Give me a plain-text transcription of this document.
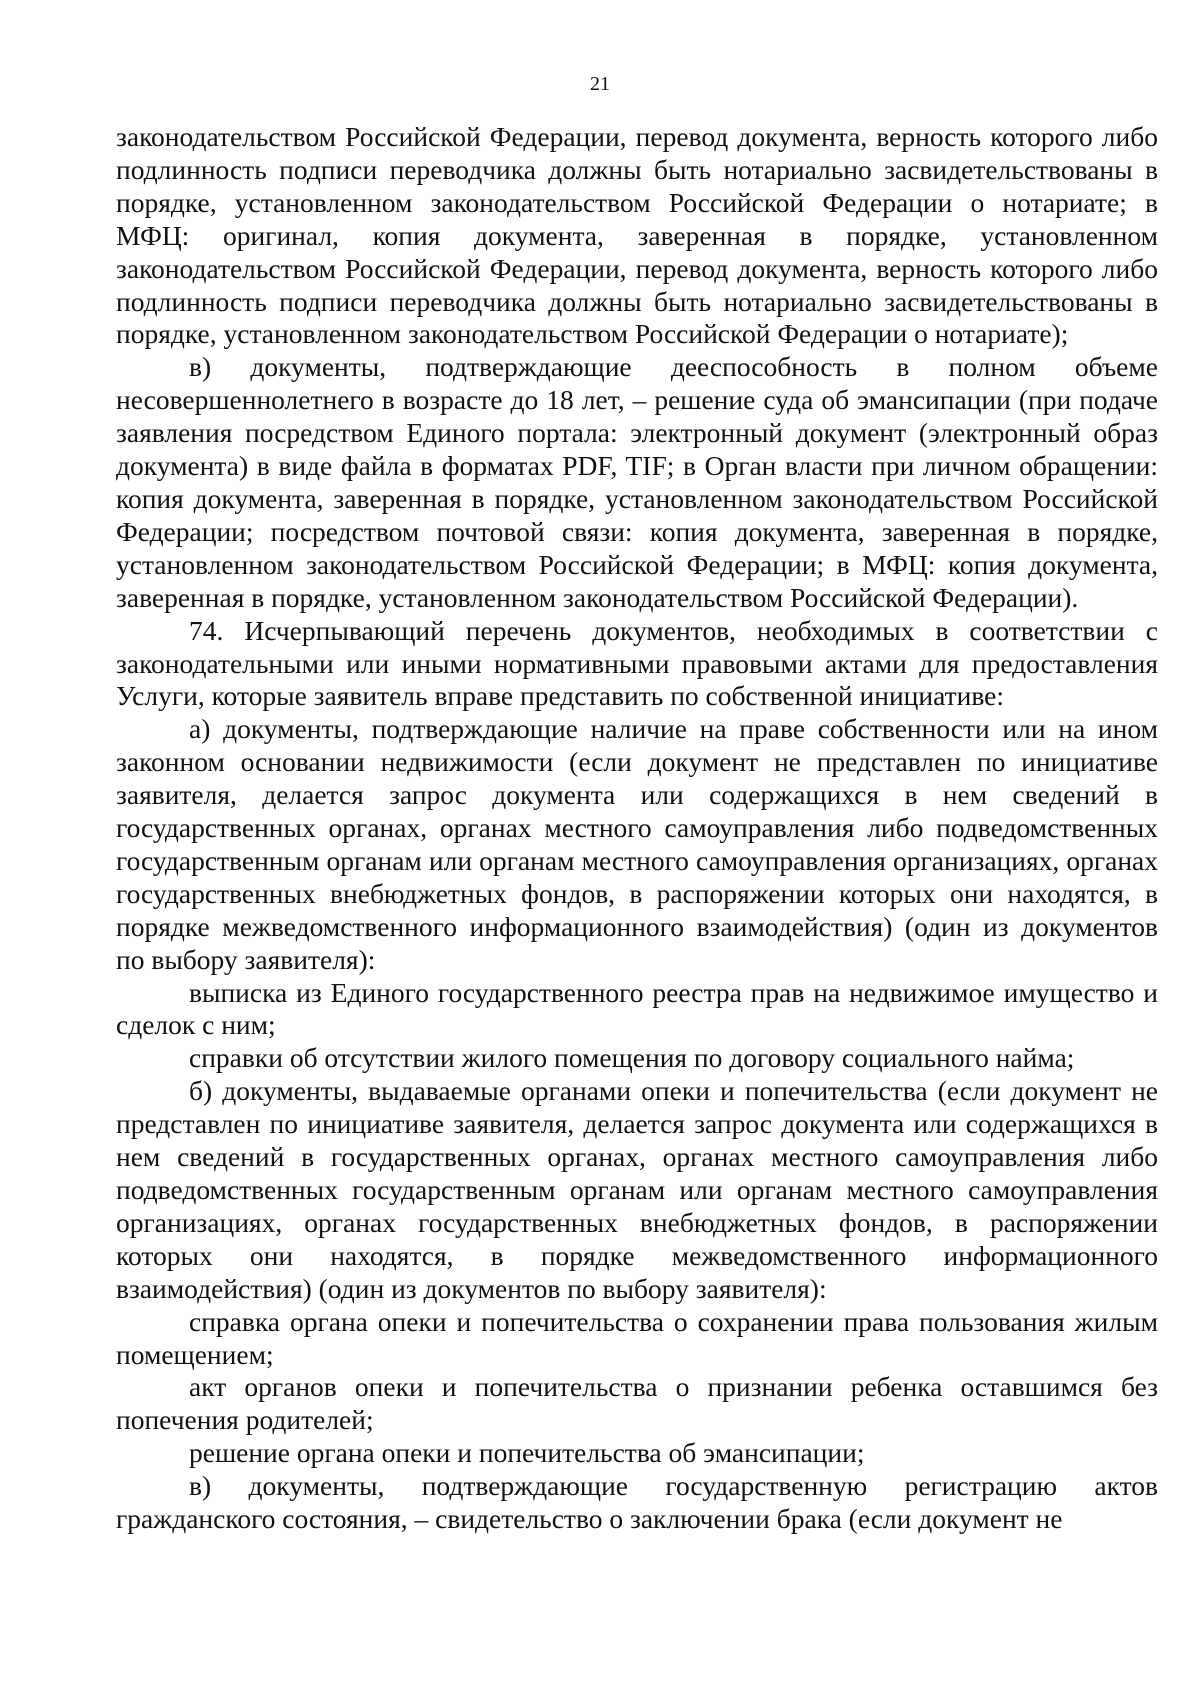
21

законодательством Российской Федерации, перевод документа, верность которого либо подлинность подписи переводчика должны быть нотариально засвидетельствованы в порядке, установленном законодательством Российской Федерации о нотариате; в МФЦ: оригинал, копия документа, заверенная в порядке, установленном законодательством Российской Федерации, перевод документа, верность которого либо подлинность подписи переводчика должны быть нотариально засвидетельствованы в порядке, установленном законодательством Российской Федерации о нотариате);

в) документы, подтверждающие дееспособность в полном объеме несовершеннолетнего в возрасте до 18 лет, – решение суда об эмансипации (при подаче заявления посредством Единого портала: электронный документ (электронный образ документа) в виде файла в форматах PDF, TIF; в Орган власти при личном обращении: копия документа, заверенная в порядке, установленном законодательством Российской Федерации; посредством почтовой связи: копия документа, заверенная в порядке, установленном законодательством Российской Федерации; в МФЦ: копия документа, заверенная в порядке, установленном законодательством Российской Федерации).

74. Исчерпывающий перечень документов, необходимых в соответствии с законодательными или иными нормативными правовыми актами для предоставления Услуги, которые заявитель вправе представить по собственной инициативе:

а) документы, подтверждающие наличие на праве собственности или на ином законном основании недвижимости (если документ не представлен по инициативе заявителя, делается запрос документа или содержащихся в нем сведений в государственных органах, органах местного самоуправления либо подведомственных государственным органам или органам местного самоуправления организациях, органах государственных внебюджетных фондов, в распоряжении которых они находятся, в порядке межведомственного информационного взаимодействия) (один из документов по выбору заявителя):

выписка из Единого государственного реестра прав на недвижимое имущество и сделок с ним;

справки об отсутствии жилого помещения по договору социального найма;

б) документы, выдаваемые органами опеки и попечительства (если документ не представлен по инициативе заявителя, делается запрос документа или содержащихся в нем сведений в государственных органах, органах местного самоуправления либо подведомственных государственным органам или органам местного самоуправления организациях, органах государственных внебюджетных фондов, в распоряжении которых они находятся, в порядке межведомственного информационного взаимодействия) (один из документов по выбору заявителя):

справка органа опеки и попечительства о сохранении права пользования жилым помещением;

акт органов опеки и попечительства о признании ребенка оставшимся без попечения родителей;

решение органа опеки и попечительства об эмансипации;

в) документы, подтверждающие государственную регистрацию актов гражданского состояния, – свидетельство о заключении брака (если документ не
